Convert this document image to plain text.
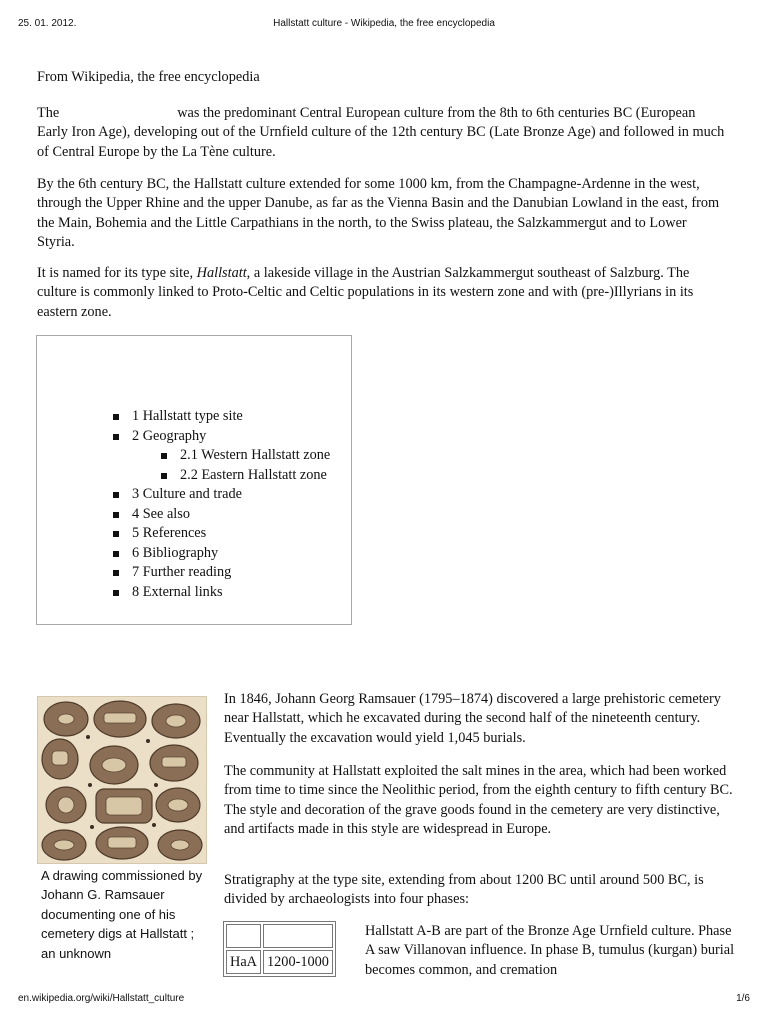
25. 01. 2012.	Hallstatt culture - Wikipedia, the free encyclopedia
From Wikipedia, the free encyclopedia
The	was the predominant Central European culture from the 8th to 6th centuries BC (European Early Iron Age), developing out of the Urnfield culture of the 12th century BC (Late Bronze Age) and followed in much of Central Europe by the La Tène culture.
By the 6th century BC, the Hallstatt culture extended for some 1000 km, from the Champagne-Ardenne in the west, through the Upper Rhine and the upper Danube, as far as the Vienna Basin and the Danubian Lowland in the east, from the Main, Bohemia and the Little Carpathians in the north, to the Swiss plateau, the Salzkammergut and to Lower Styria.
It is named for its type site, Hallstatt, a lakeside village in the Austrian Salzkammergut southeast of Salzburg. The culture is commonly linked to Proto-Celtic and Celtic populations in its western zone and with (pre-)Illyrians in its eastern zone.
1 Hallstatt type site
2 Geography
2.1 Western Hallstatt zone
2.2 Eastern Hallstatt zone
3 Culture and trade
4 See also
5 References
6 Bibliography
7 Further reading
8 External links
A drawing commissioned by Johann G. Ramsauer documenting one of his cemetery digs at Hallstatt ; an unknown
In 1846, Johann Georg Ramsauer (1795–1874) discovered a large prehistoric cemetery near Hallstatt, which he excavated during the second half of the nineteenth century. Eventually the excavation would yield 1,045 burials.
The community at Hallstatt exploited the salt mines in the area, which had been worked from time to time since the Neolithic period, from the eighth century to fifth century BC. The style and decoration of the grave goods found in the cemetery are very distinctive, and artifacts made in this style are widespread in Europe.
Stratigraphy at the type site, extending from about 1200 BC until around 500 BC, is divided by archaeologists into four phases:
Hallstatt A-B are part of the Bronze Age Urnfield culture. Phase A saw Villanovan influence. In phase B, tumulus (kurgan) burial becomes common, and cremation

HaA	1200-1000
en.wikipedia.org/wiki/Hallstatt_culture	1/6
